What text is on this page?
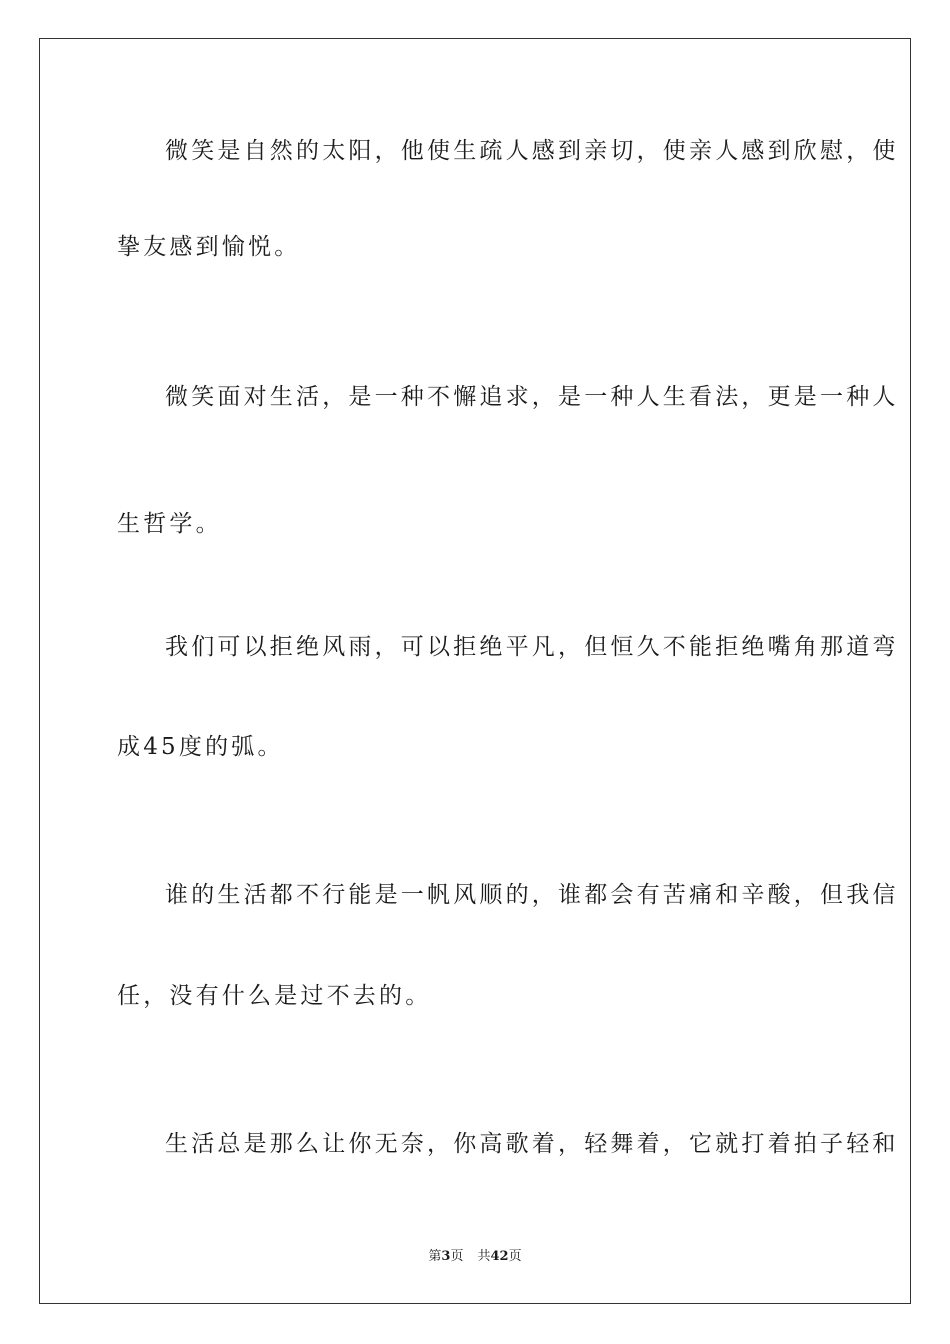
微笑是自然的太阳，他使生疏人感到亲切，使亲人感到欣慰，使
挚友感到愉悦。
微笑面对生活，是一种不懈追求，是一种人生看法，更是一种人
生哲学。
我们可以拒绝风雨，可以拒绝平凡，但恒久不能拒绝嘴角那道弯
成45度的弧。
谁的生活都不行能是一帆风顺的，谁都会有苦痛和辛酸，但我信
任，没有什么是过不去的。
生活总是那么让你无奈，你高歌着，轻舞着，它就打着拍子轻和
第3页 共42页
